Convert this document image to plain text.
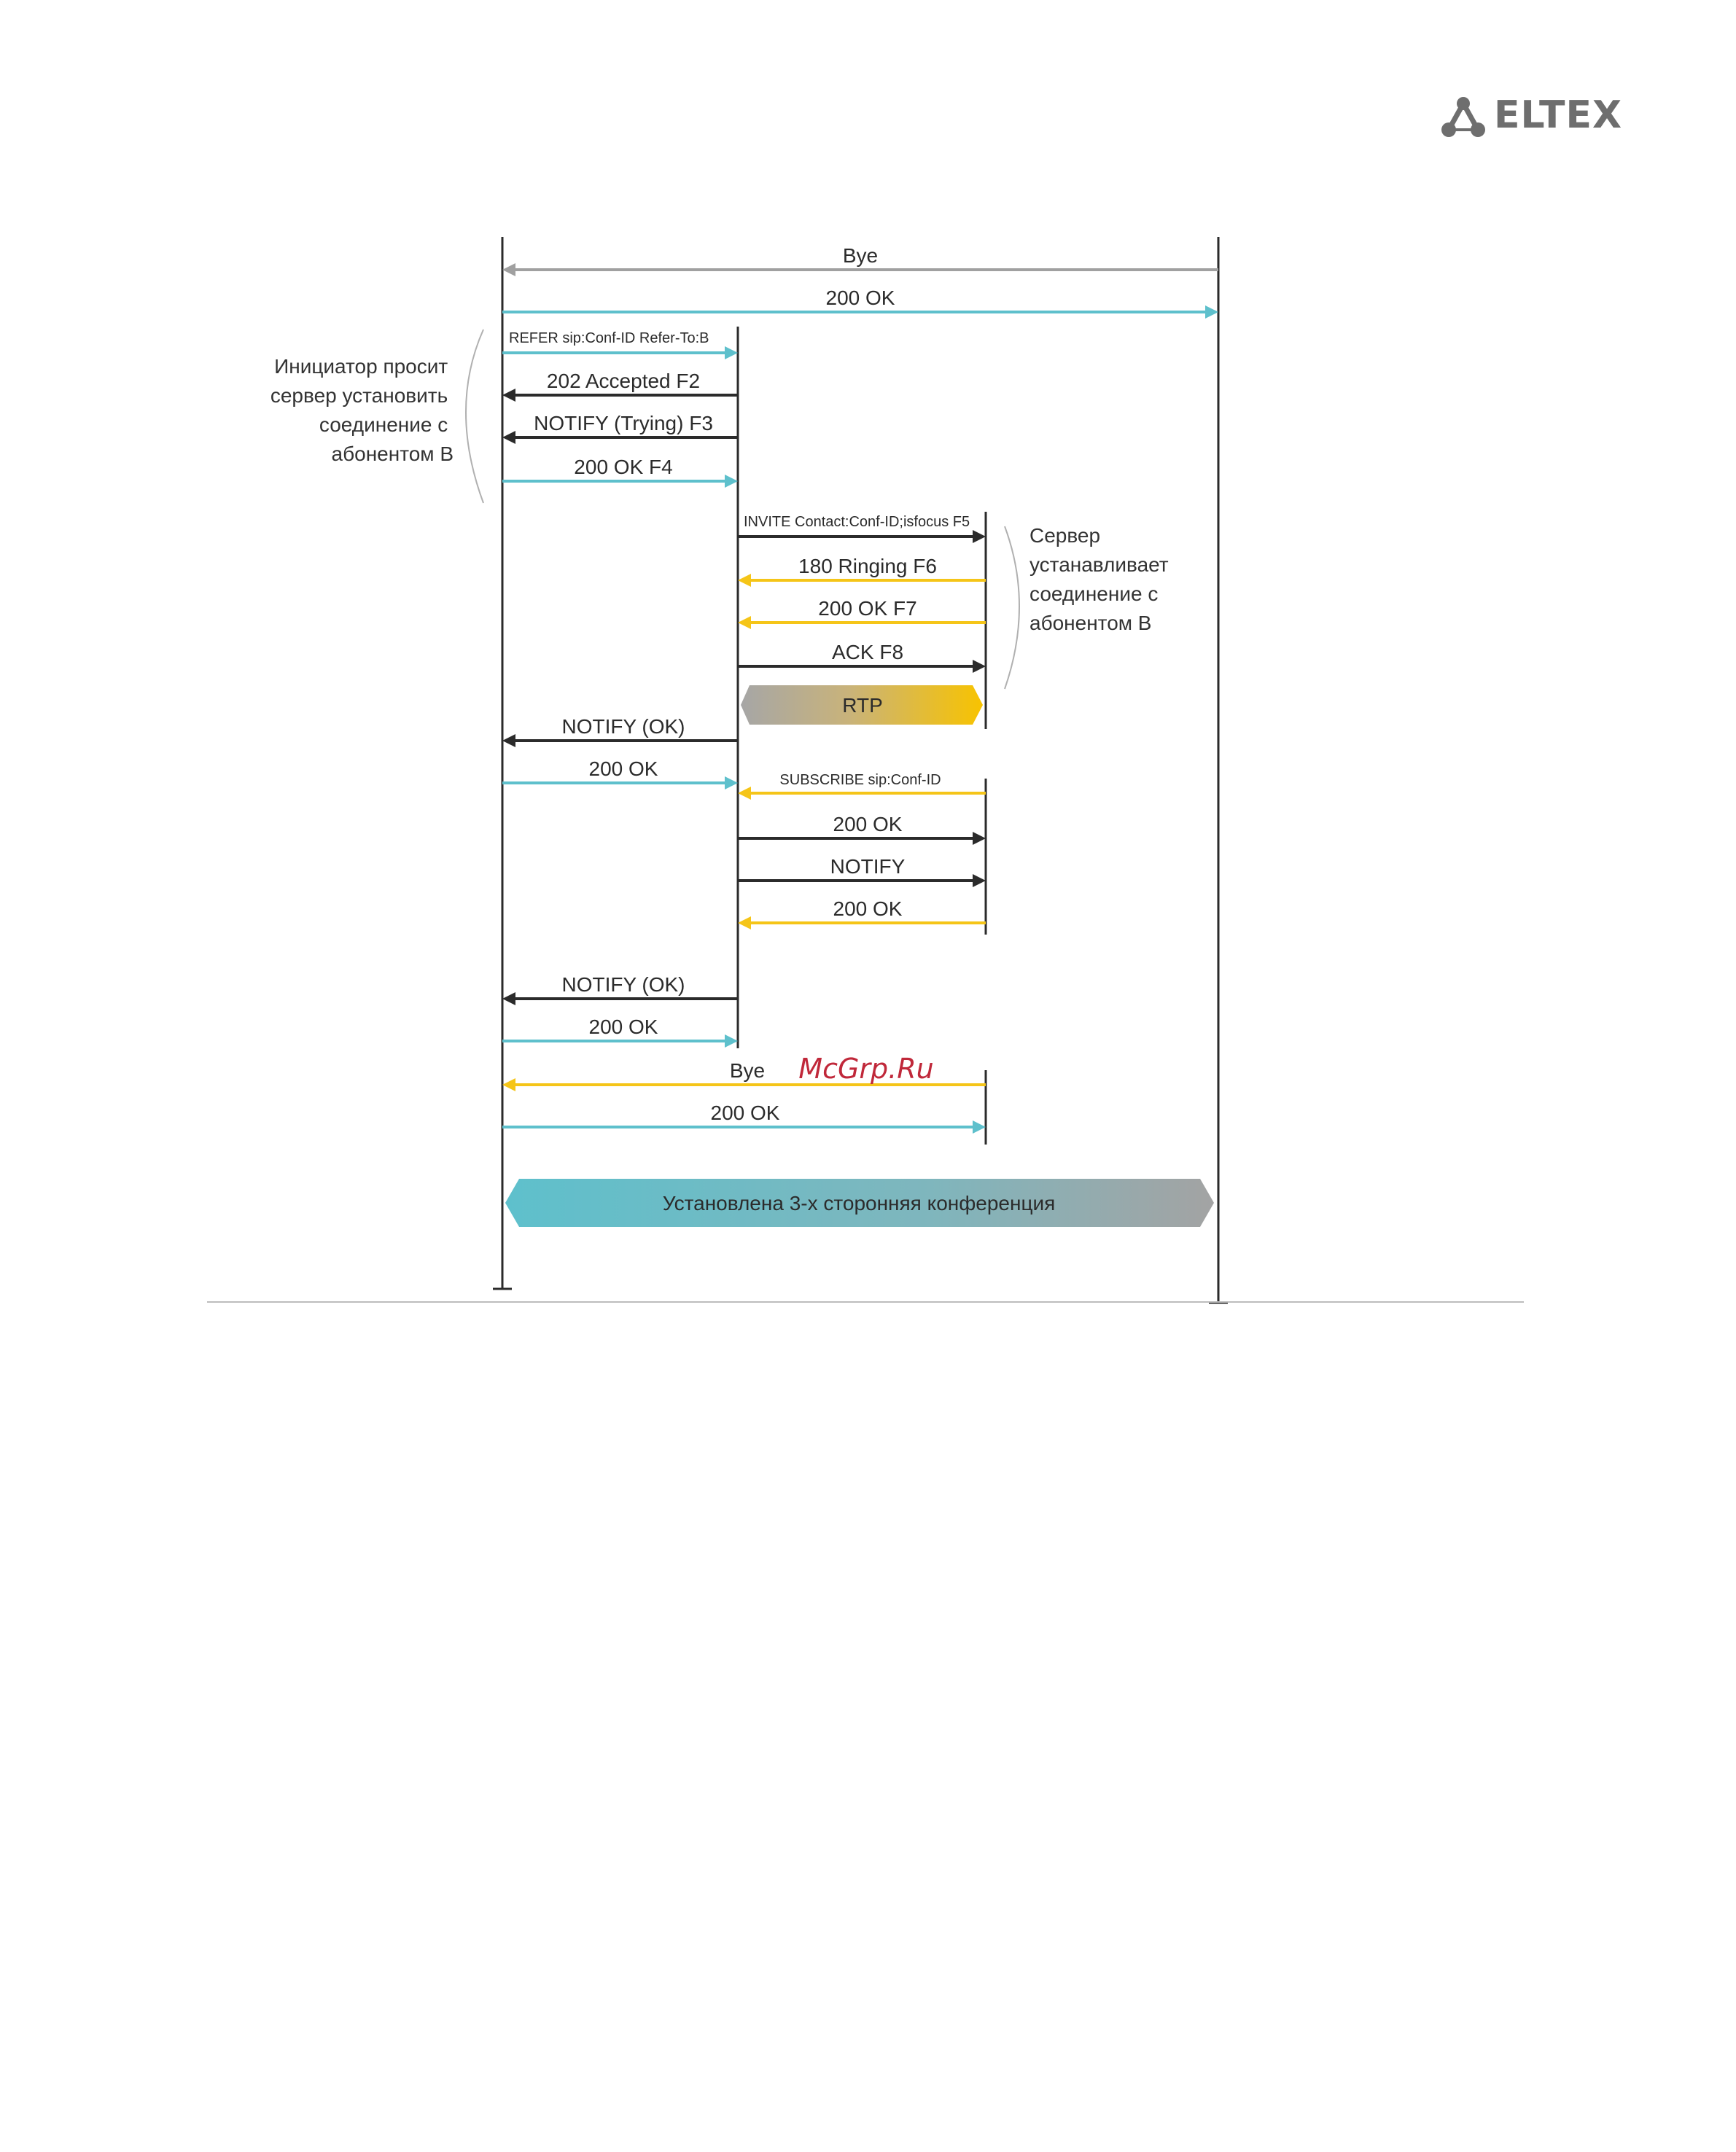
ELTEX
Bye
200 OK
REFER sip:Conf-ID Refer-To:B
202 Accepted F2
NOTIFY (Trying) F3
200 OK F4
INVITE Contact:Conf-ID;isfocus F5
180 Ringing F6
200 OK F7
ACK F8
RTP
NOTIFY (OK)
200 OK	SUBSCRIBE sip:Conf-ID
200 OK
NOTIFY
200 OK
NOTIFY (OK)
200 OK
Bye
200 OK
Установлена 3-х сторонняя конференция
Инициатор просит сервер установить соединение с абонентом В
Сервер устанавливает соединение с абонентом В
McGrp.Ru
